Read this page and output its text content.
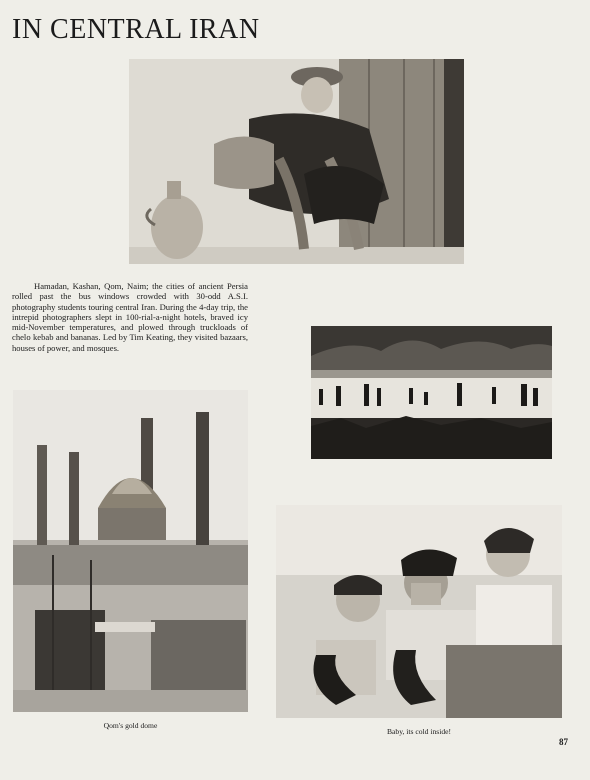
IN CENTRAL IRAN

Hamadan, Kashan, Qom, Naim; the cities of ancient Persia rolled past the bus windows crowded with 30-odd A.S.I. photography students touring central Iran. During the 4-day trip, the intrepid photographers slept in 100-rial-a-night hotels, braved icy mid-November temperatures, and plowed through truckloads of chelo kebab and bananas. Led by Tim Keating, they visited bazaars, houses of power, and mosques.

Qom's gold dome

Baby, its cold inside!

87
